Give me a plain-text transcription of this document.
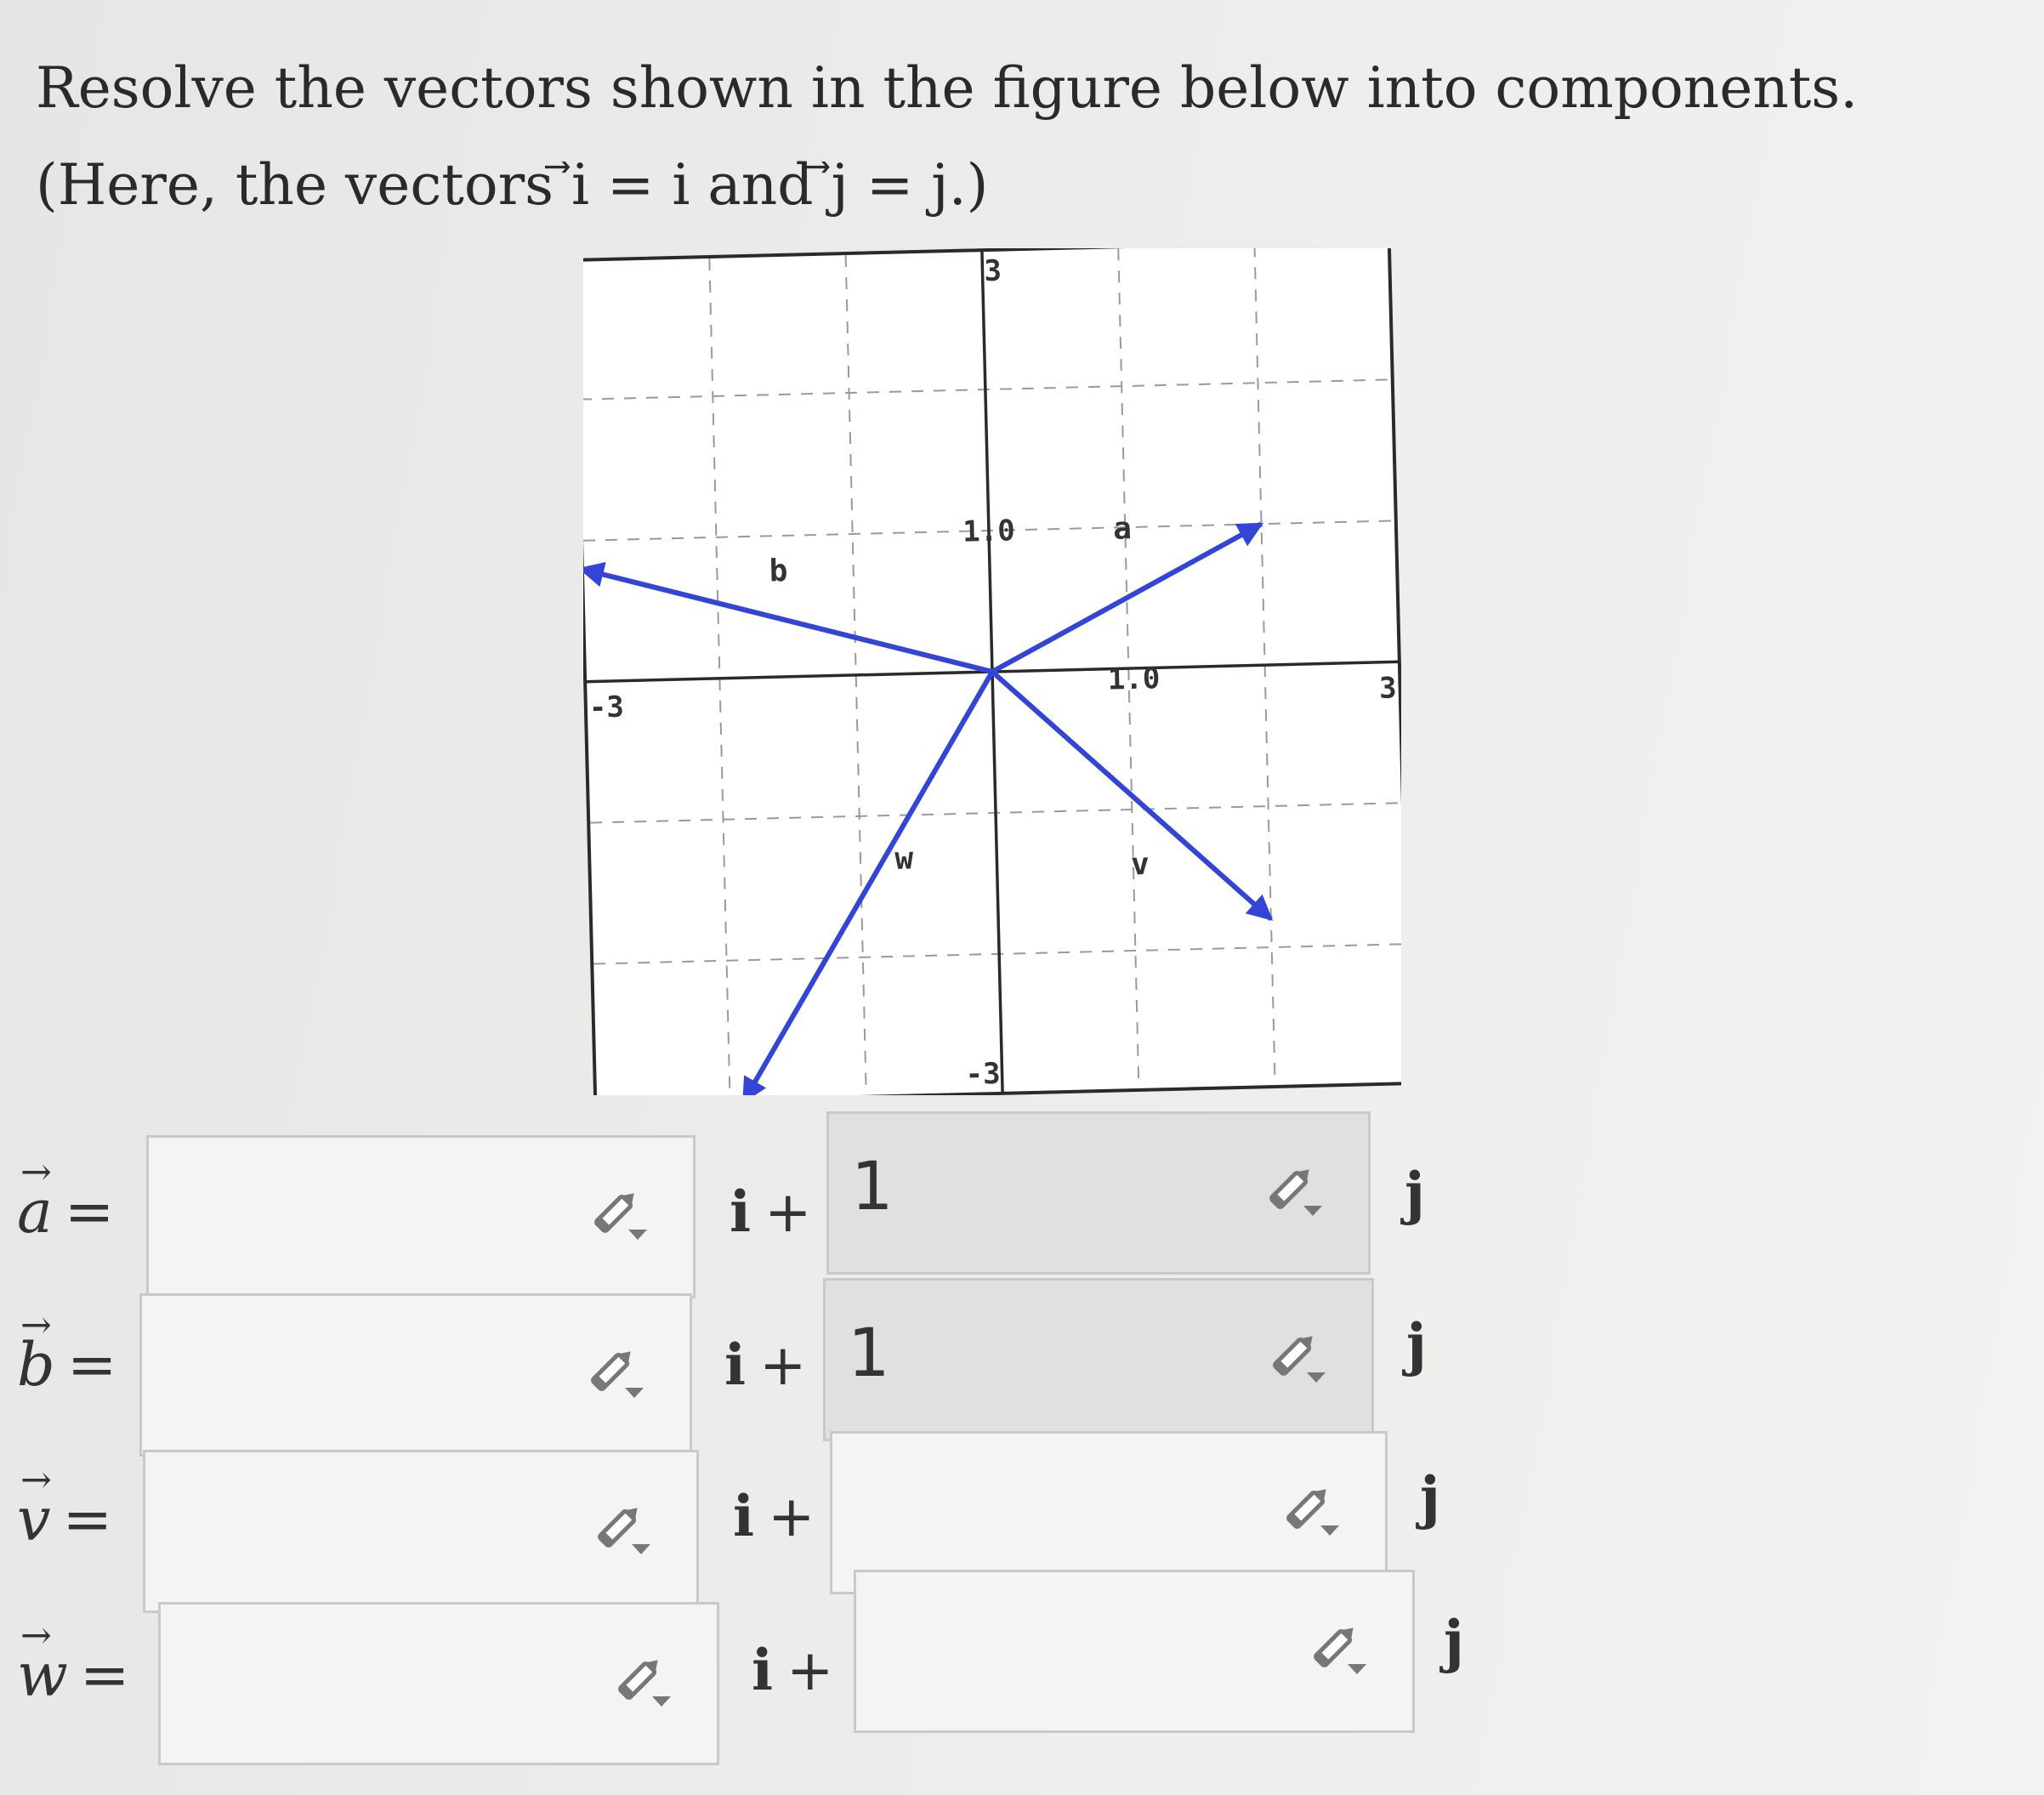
Resolve the vectors shown in the figure below into components.

(Here, the vectors ⃗i = i and ⃗j = j.)

-3
3
-3
3
1.0
1.0	a
b
v
w
→ a =	i + 1	j
→ b =	i + 1	j
→ v =	i +	j
→ w =	i +	j
